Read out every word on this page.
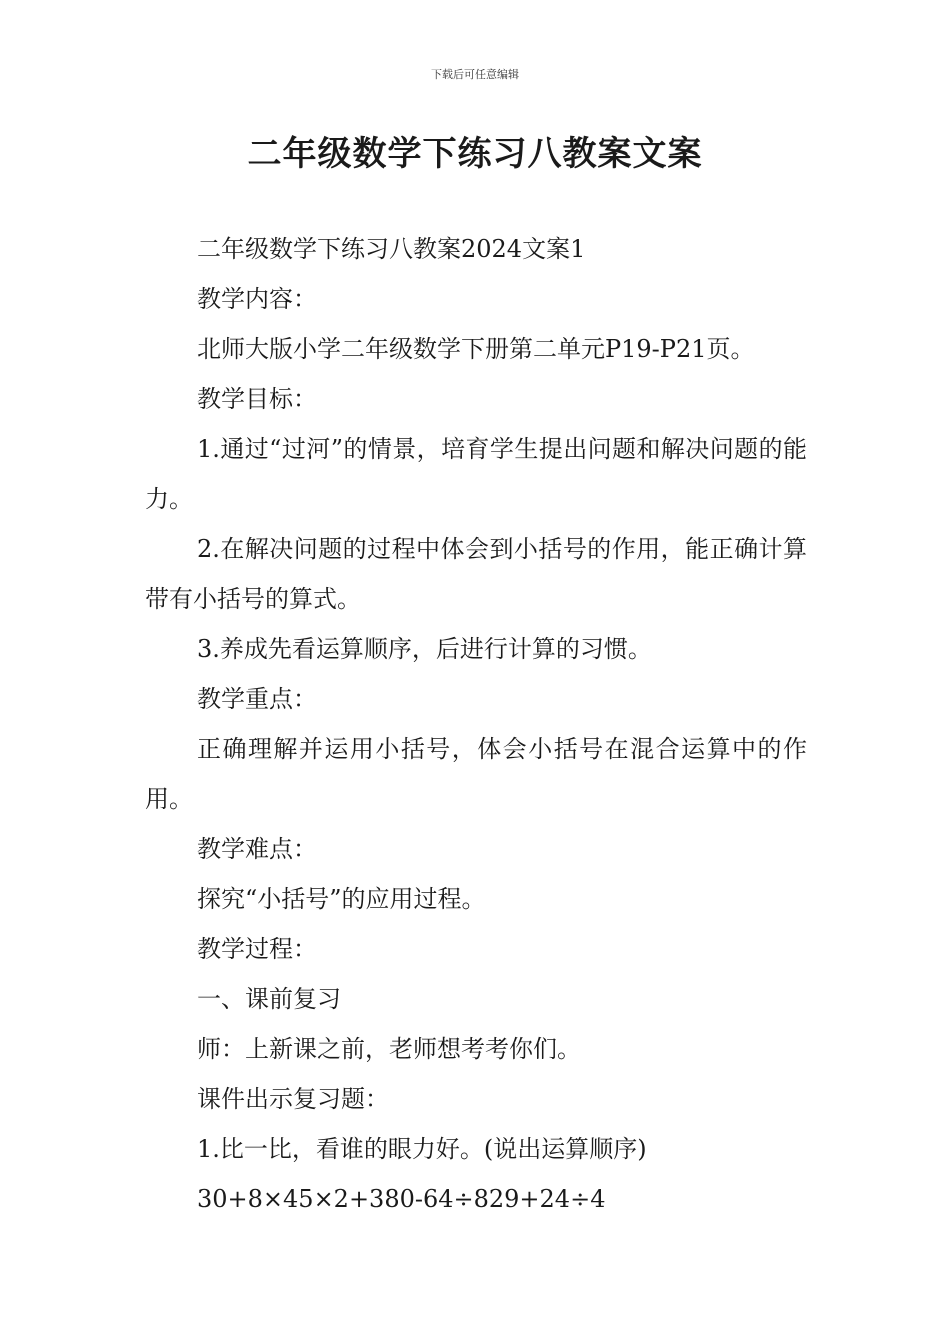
下载后可任意编辑
二年级数学下练习八教案文案

二年级数学下练习八教案2024文案1

教学内容：

北师大版小学二年级数学下册第二单元P19-P21页。

教学目标：

1.通过“过河”的情景，培育学生提出问题和解决问题的能力。

2.在解决问题的过程中体会到小括号的作用，能正确计算带有小括号的算式。

3.养成先看运算顺序，后进行计算的习惯。

教学重点：

正确理解并运用小括号，体会小括号在混合运算中的作用。

教学难点：

探究“小括号”的应用过程。

教学过程：

一、课前复习

师：上新课之前，老师想考考你们。

课件出示复习题：

1.比一比，看谁的眼力好。(说出运算顺序)

30+8×45×2+380-64÷829+24÷4
